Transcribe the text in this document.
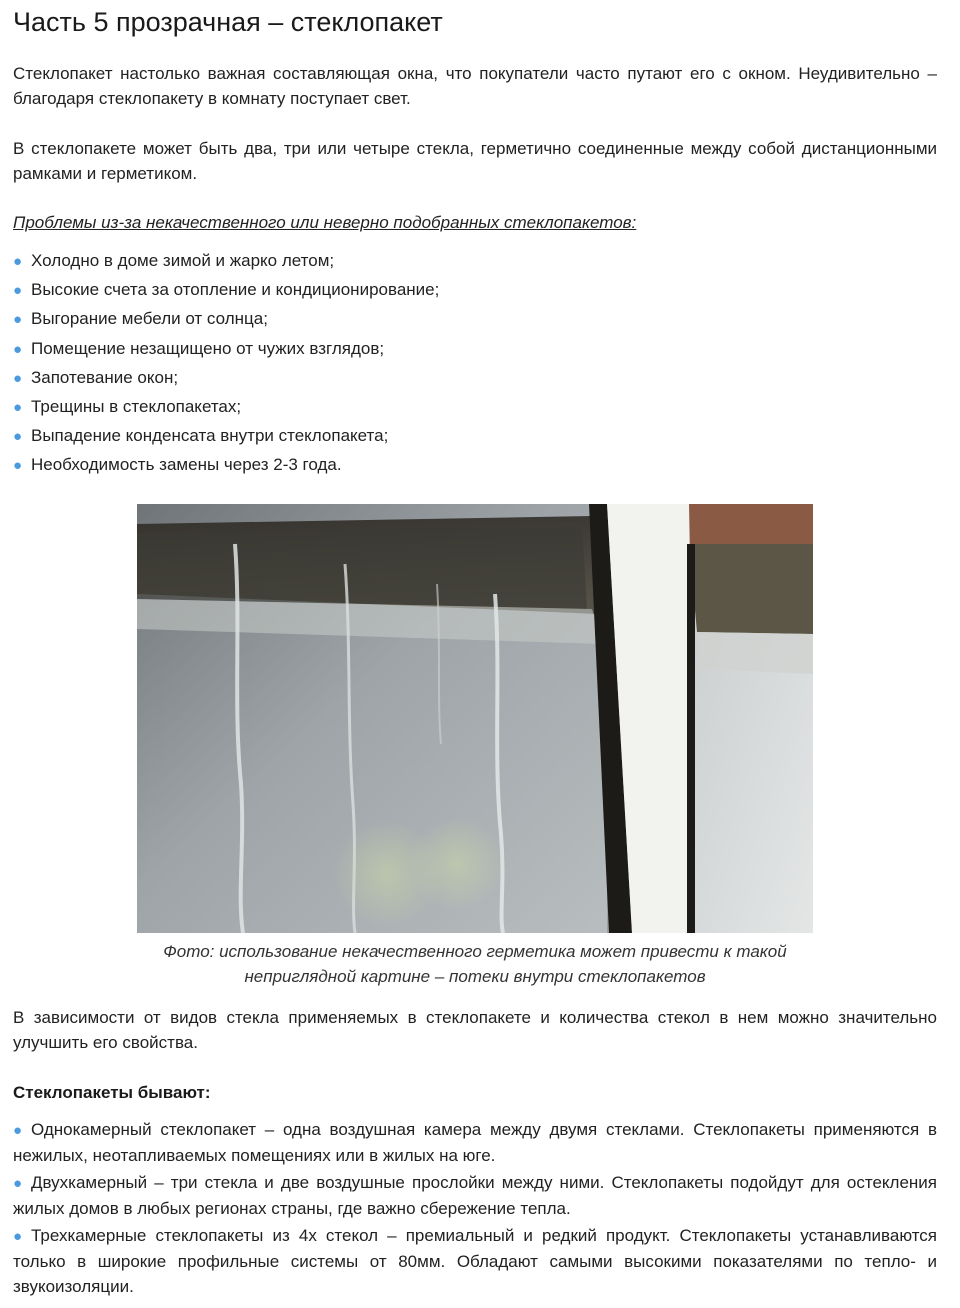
Часть 5 прозрачная – стеклопакет

Стеклопакет настолько важная составляющая окна, что покупатели часто путают его с окном. Неудивительно – благодаря стеклопакету в комнату поступает свет.

В стеклопакете может быть два, три или четыре стекла, герметично соединенные между собой дистанционными рамками и герметиком.

Проблемы из-за некачественного или неверно подобранных стеклопакетов:

● Холодно в доме зимой и жарко летом;
● Высокие счета за отопление и кондиционирование;
● Выгорание мебели от солнца;
● Помещение незащищено от чужих взглядов;
● Запотевание окон;
● Трещины в стеклопакетах;
● Выпадение конденсата внутри стеклопакета;
● Необходимость замены через 2-3 года.

Фото: использование некачественного герметика может привести к такой неприглядной картине – потеки внутри стеклопакетов

В зависимости от видов стекла применяемых в стеклопакете и количества стекол в нем можно значительно улучшить его свойства.

Стеклопакеты бывают:

● Однокамерный стеклопакет – одна воздушная камера между двумя стеклами. Стеклопакеты применяются в нежилых, неотапливаемых помещениях или в жилых на юге.

● Двухкамерный – три стекла и две воздушные прослойки между ними. Стеклопакеты подойдут для остекления жилых домов в любых регионах страны, где важно сбережение тепла.

● Трехкамерные стеклопакеты из 4х стекол – премиальный и редкий продукт. Стеклопакеты устанавливаются только в широкие профильные системы от 80мм. Обладают самыми высокими показателями по тепло- и звукоизоляции.
